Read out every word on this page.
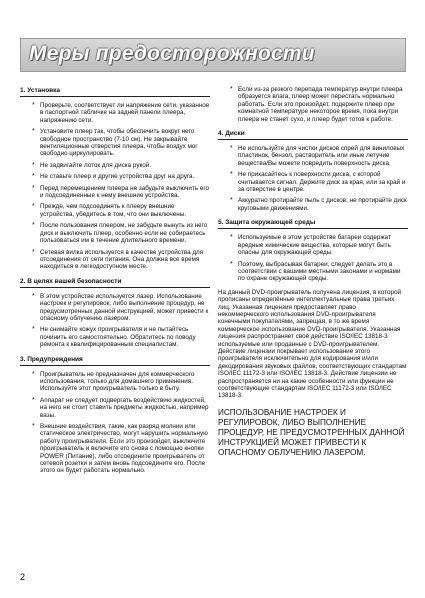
Меры предосторожности
1. Установка
* Проверьте, соответствует ли напряжение сети, указанное в паспортной табличке на задней панели плеера, напряжению сети.
* Установите плеер так, чтобы обеспечить вокруг него свободное пространство (7-10 см). Не закрывайте вентиляционные отверстия плеера, чтобы воздух мог свободно циркулировать.
* Не задвигайте лоток для диска рукой.
* Не ставьте плеер и другие устройства друг на друга.
* Перед перемещением плеера не забудьте выключить его и подсоединенные к нему внешние устройства.
* Прежде, чем подсоединять к плееру внешние устройства, убедитесь в том, что они выключены.
* После пользования плеером, не забудьте вынуть из него диск и выключить плеер, особенно если не собираетесь пользоваться им в течение длительного времени.
* Сетевая вилка используется в качестве устройства для отсоединения от сети питания. Она должна все время находиться в легкодоступном месте.
2. В целях вашей безопасности
* В этом устройстве используется лазер. Использование настроек и регулировок, либо выполнение процедур, не предусмотренных данной инструкцией, может привести к опасному облучению лазером.
* Не снимайте кожух проигрывателя и не пытайтесь починить его самостоятельно. Обратитесь по поводу ремонта к квалифицированным специалистам.
3. Предупреждения
* Проигрыватель не предназначен для коммерческого использования, только для домашнего применения. Используйте этот проигрыватель только в быту.
* Аппарат не следует подвергать воздействию жидкостей, на него не стоит ставить предметы жидкостью, например вазы.
* Внешние воздействия, такие, как разряд молнии или статическое электричество, могут нарушить нормальную работу проигрывателя. Если это произойдет, выключите проигрыватель и включите его снова с помощью кнопки POWER (Питание), либо отсоедините проигрыватель от сетевой розетки и затем вновь подсоедините его. После этого он будет работать нормально.
* Если из-за резкого перепада температур внутри плеера образуется влага, плеер может перестать нормально работать. Если это произойдет, подержите плеер при комнатной температуре некоторое время, пока внутри плеера не станет сухо, и плеер будет готов к работе.
4. Диски
* Не используйте для чистки дисков спрей для виниловых пластинок, бензол, растворитель или иные летучие вещества/Вы можете повредить поверхность диска.
* Не прикасайтесь к поверхности диска, с которой считывается сигнал. Держите диск за края, или за край и за отверстие в центре.
* Аккуратно протирайте пыль с дисков; не протирайте диск круговыми движениями.
5. Защита окружающей среды
* Используемые в этом устройстве батареи содержат вредные химические вещества, которые могут быть опасны для окружающей среды.
* Поэтому, выбрасывая батареи, следует делать это в соответствии с вашими местными законами и нормами по охране окружающей среды.

На данный DVD-проигрыватель получена лицензия, в которой прописаны определённые интеллектуальные права третьих лиц. Указанная лицензия предоставляет право некоммерческого использования DVD-проигрывателя конечными покупателями, запрещая, в то же время коммерческое использование DVD-проигрывателя. Указанная лицензия распространяет своё действие ISO/IEC 13818-3 используемые или проданные с DVD-проигрывателем. Действие лицензии покрывает использование этого проигрывателя исключительно для кодирования и/или декодирования звуковых файлов, соответствующих стандартам ISO/IEC 11172-3 или ISO/IEC 13818-3. Действие лицензии не распространяется ни на какие особенности или функции не соответствующие стандартам ISO/IEC 11172-3 или ISO/IEC 13818-3.

ИСПОЛЬЗОВАНИЕ НАСТРОЕК И РЕГУЛИРОВОК, ЛИБО ВЫПОЛНЕНИЕ ПРОЦЕДУР, НЕ ПРЕДУСМОТРЕННЫХ ДАННОЙ ИНСТРУКЦИЕЙ МОЖЕТ ПРИВЕСТИ К ОПАСНОМУ ОБЛУЧЕНИЮ ЛАЗЕРОМ.

2
